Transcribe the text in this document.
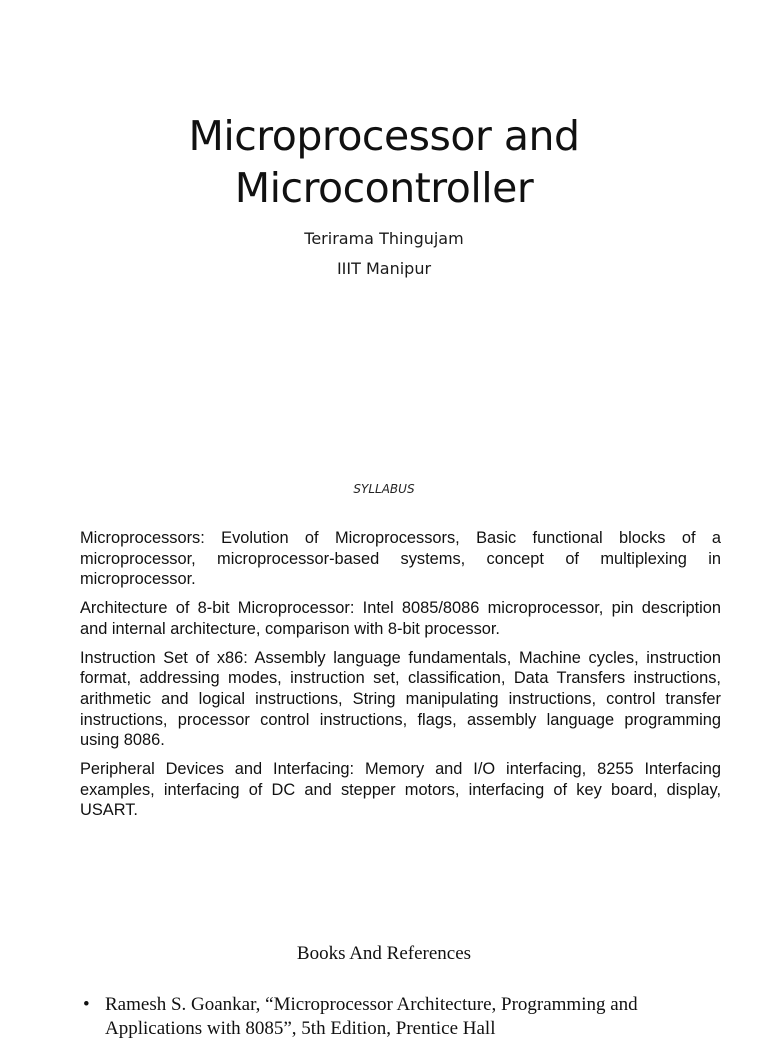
Microprocessor and
Microcontroller
Terirama Thingujam
IIIT Manipur
SYLLABUS

Microprocessors: Evolution of Microprocessors, Basic functional blocks of a microprocessor, microprocessor-based systems, concept of multiplexing in microprocessor.

Architecture of 8-bit Microprocessor: Intel 8085/8086 microprocessor, pin description and internal architecture, comparison with 8-bit processor.

Instruction Set of x86: Assembly language fundamentals, Machine cycles, instruction format, addressing modes, instruction set, classification, Data Transfers instructions, arithmetic and logical instructions, String manipulating instructions, control transfer instructions, processor control instructions, flags, assembly language programming using 8086.

Peripheral Devices and Interfacing: Memory and I/O interfacing, 8255 Interfacing examples, interfacing of DC and stepper motors, interfacing of key board, display, USART.

Books And References
• Ramesh S. Goankar, “Microprocessor Architecture, Programming and Applications with 8085”, 5th Edition, Prentice Hall
